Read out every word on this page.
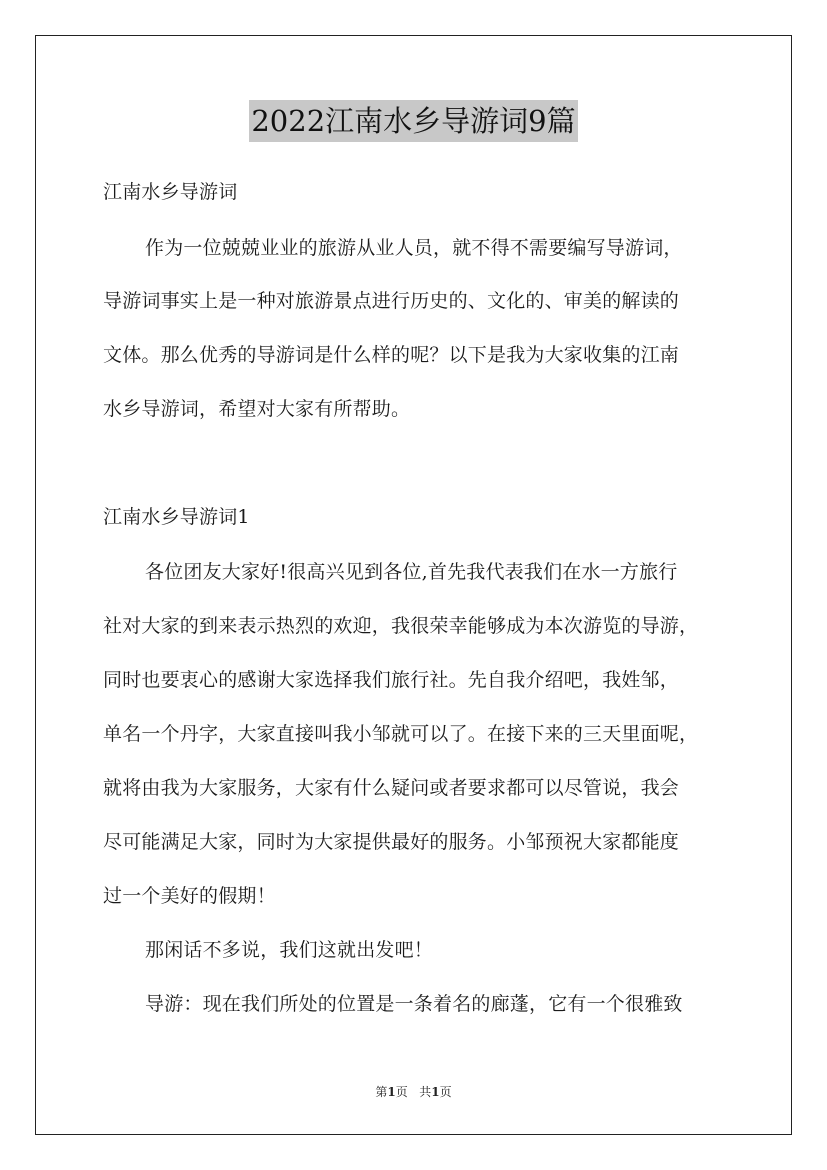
2022江南水乡导游词9篇
江南水乡导游词
作为一位兢兢业业的旅游从业人员，就不得不需要编写导游词，
导游词事实上是一种对旅游景点进行历史的、文化的、审美的解读的
文体。那么优秀的导游词是什么样的呢？以下是我为大家收集的江南
水乡导游词，希望对大家有所帮助。
江南水乡导游词1
各位团友大家好!很高兴见到各位,首先我代表我们在水一方旅行
社对大家的到来表示热烈的欢迎，我很荣幸能够成为本次游览的导游，
同时也要衷心的感谢大家选择我们旅行社。先自我介绍吧，我姓邹，
单名一个丹字，大家直接叫我小邹就可以了。在接下来的三天里面呢，
就将由我为大家服务，大家有什么疑问或者要求都可以尽管说，我会
尽可能满足大家，同时为大家提供最好的服务。小邹预祝大家都能度
过一个美好的假期！
那闲话不多说，我们这就出发吧！
导游：现在我们所处的位置是一条着名的廊蓬，它有一个很雅致
第1页 共1页
